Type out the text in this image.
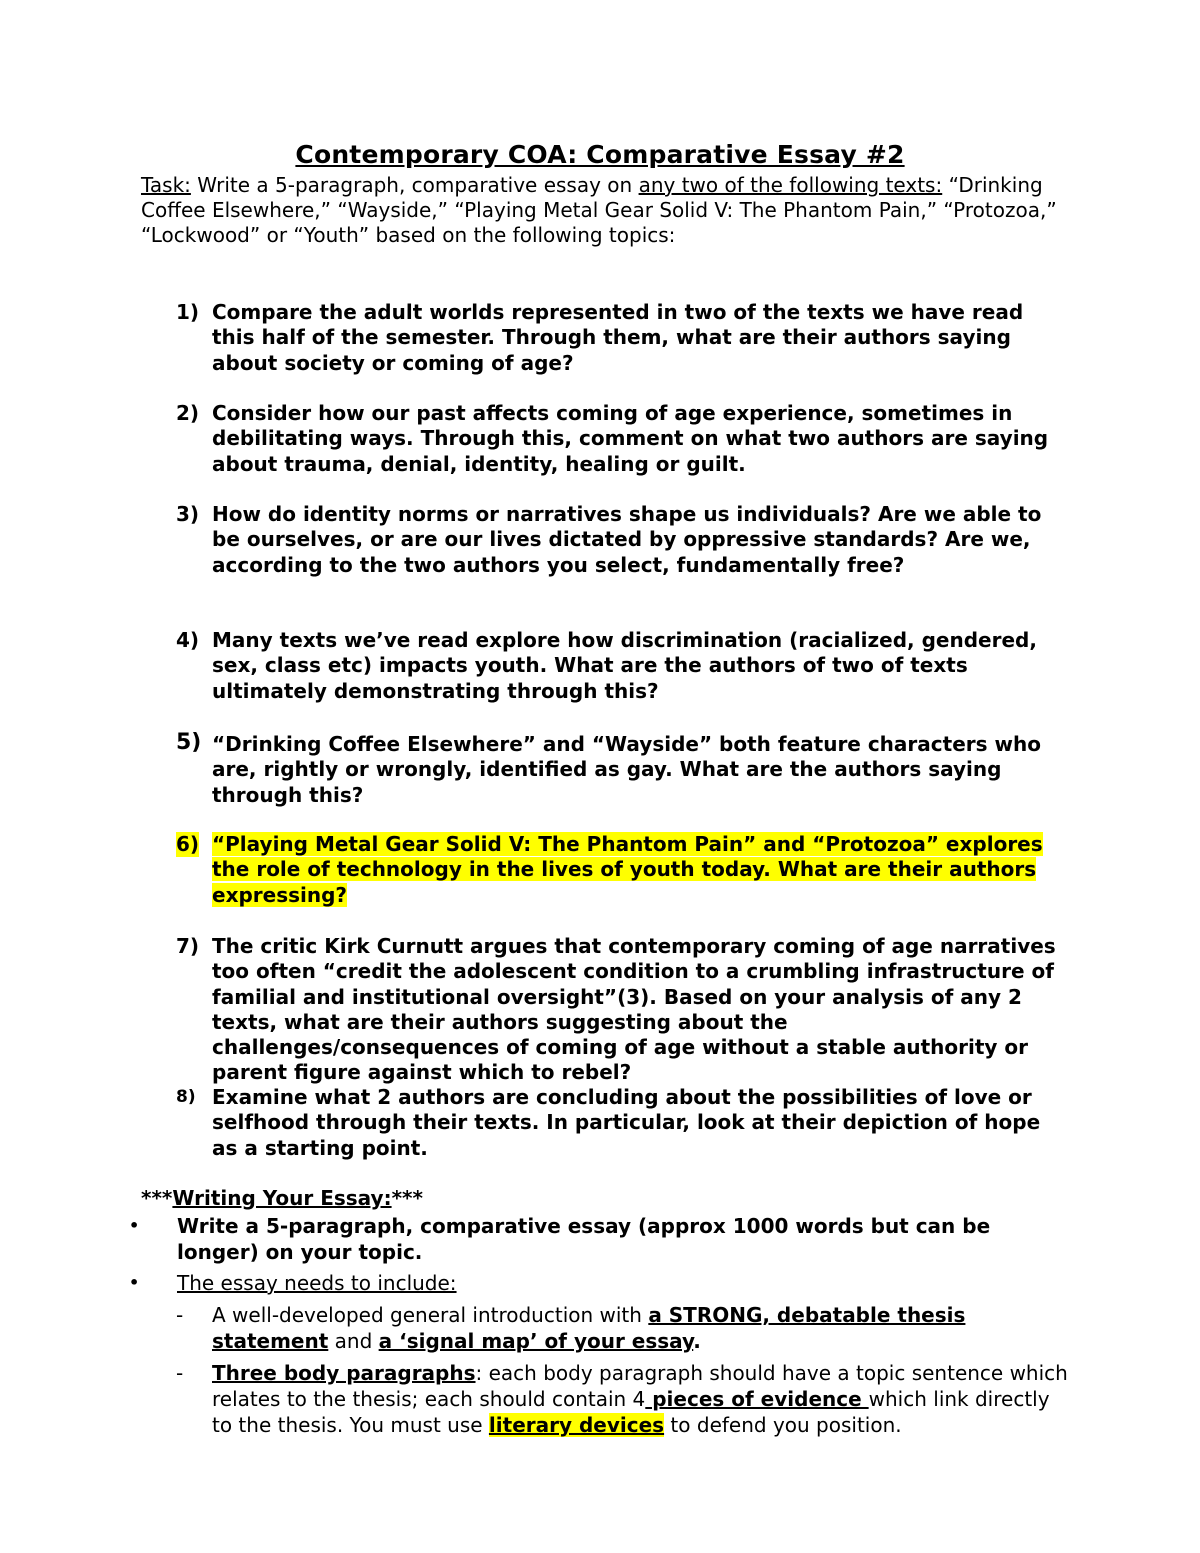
Contemporary COA: Comparative Essay #2
Task: Write a 5-paragraph, comparative essay on any two of the following texts: “Drinking Coffee Elsewhere,” “Wayside,” “Playing Metal Gear Solid V: The Phantom Pain,” “Protozoa,” “Lockwood” or “Youth” based on the following topics:
1) Compare the adult worlds represented in two of the texts we have read this half of the semester. Through them, what are their authors saying about society or coming of age?
2) Consider how our past affects coming of age experience, sometimes in debilitating ways. Through this, comment on what two authors are saying about trauma, denial, identity, healing or guilt.
3) How do identity norms or narratives shape us individuals? Are we able to be ourselves, or are our lives dictated by oppressive standards? Are we, according to the two authors you select, fundamentally free?
4) Many texts we’ve read explore how discrimination (racialized, gendered, sex, class etc) impacts youth. What are the authors of two of texts ultimately demonstrating through this?
5) “Drinking Coffee Elsewhere” and “Wayside” both feature characters who are, rightly or wrongly, identified as gay. What are the authors saying through this?
6) “Playing Metal Gear Solid V: The Phantom Pain” and “Protozoa” explores the role of technology in the lives of youth today. What are their authors expressing?
7) The critic Kirk Curnutt argues that contemporary coming of age narratives too often “credit the adolescent condition to a crumbling infrastructure of familial and institutional oversight”(3). Based on your analysis of any 2 texts, what are their authors suggesting about the challenges/consequences of coming of age without a stable authority or parent figure against which to rebel?
8) Examine what 2 authors are concluding about the possibilities of love or selfhood through their texts. In particular, look at their depiction of hope as a starting point.
***Writing Your Essay:***
• Write a 5-paragraph, comparative essay (approx 1000 words but can be longer) on your topic.
• The essay needs to include:
- A well-developed general introduction with a STRONG, debatable thesis statement and a ‘signal map’ of your essay.
- Three body paragraphs: each body paragraph should have a topic sentence which relates to the thesis; each should contain 4 pieces of evidence which link directly to the thesis. You must use literary devices to defend you position.
